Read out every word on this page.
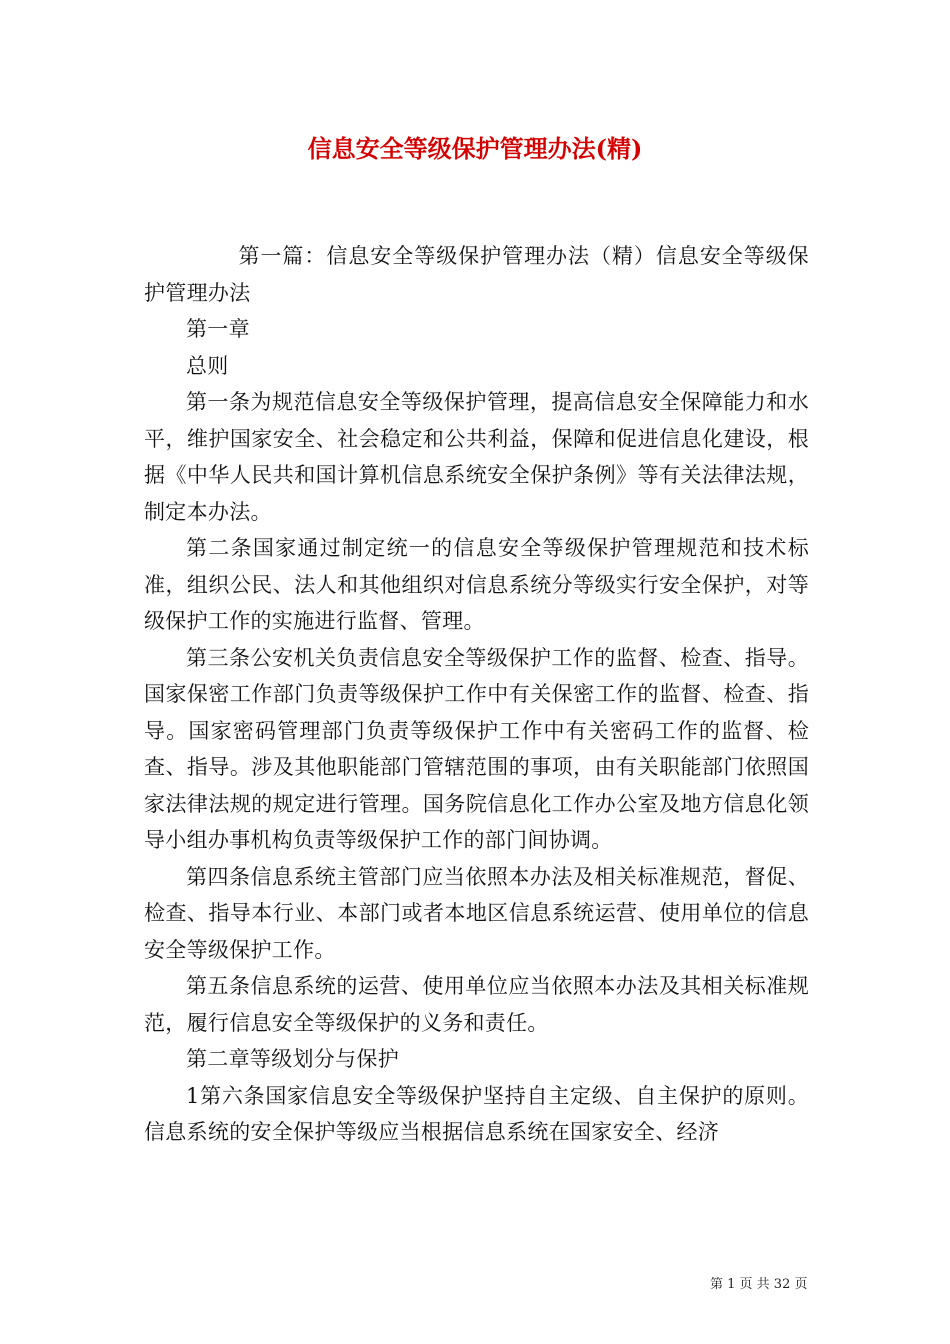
信息安全等级保护管理办法(精)

第一篇：信息安全等级保护管理办法（精）信息安全等级保护管理办法

第一章

总则

第一条为规范信息安全等级保护管理，提高信息安全保障能力和水平，维护国家安全、社会稳定和公共利益，保障和促进信息化建设，根据《中华人民共和国计算机信息系统安全保护条例》等有关法律法规，制定本办法。

第二条国家通过制定统一的信息安全等级保护管理规范和技术标准，组织公民、法人和其他组织对信息系统分等级实行安全保护，对等级保护工作的实施进行监督、管理。

第三条公安机关负责信息安全等级保护工作的监督、检查、指导。国家保密工作部门负责等级保护工作中有关保密工作的监督、检查、指导。国家密码管理部门负责等级保护工作中有关密码工作的监督、检查、指导。涉及其他职能部门管辖范围的事项，由有关职能部门依照国家法律法规的规定进行管理。国务院信息化工作办公室及地方信息化领导小组办事机构负责等级保护工作的部门间协调。

第四条信息系统主管部门应当依照本办法及相关标准规范，督促、检查、指导本行业、本部门或者本地区信息系统运营、使用单位的信息安全等级保护工作。

第五条信息系统的运营、使用单位应当依照本办法及其相关标准规范，履行信息安全等级保护的义务和责任。

第二章等级划分与保护

1第六条国家信息安全等级保护坚持自主定级、自主保护的原则。信息系统的安全保护等级应当根据信息系统在国家安全、经济

第 1 页 共 32 页
